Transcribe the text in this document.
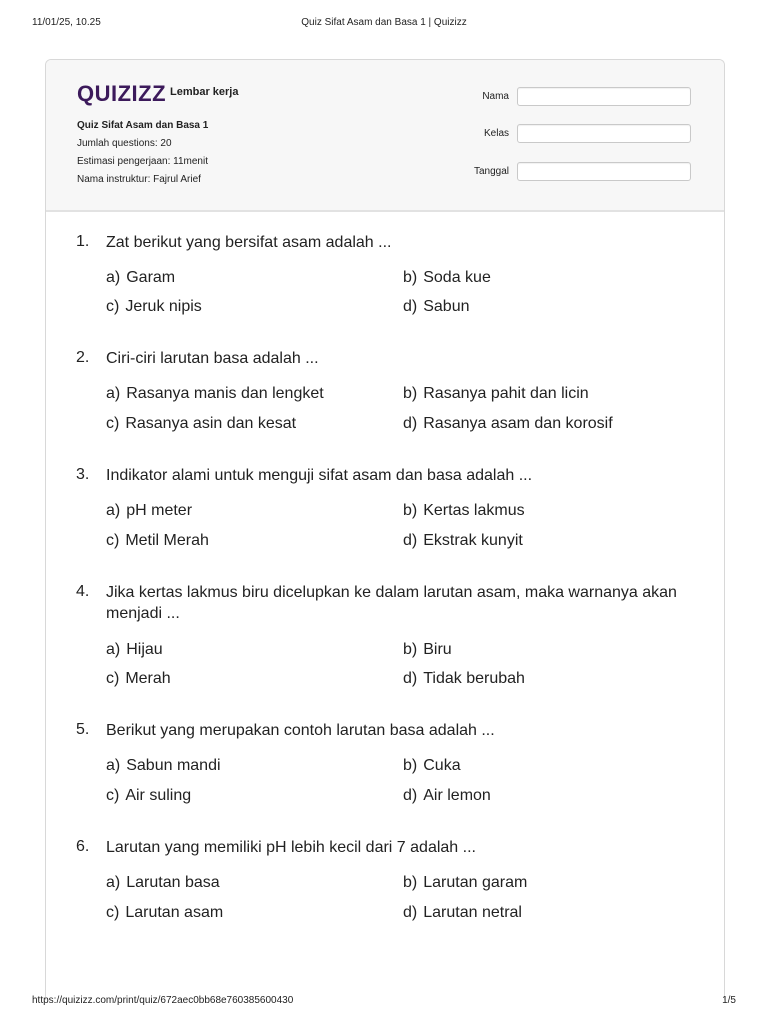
11/01/25, 10.25	Quiz Sifat Asam dan Basa 1 | Quizizz
QUIZIZZ Lembar kerja
Quiz Sifat Asam dan Basa 1
Jumlah questions: 20
Estimasi pengerjaan: 11menit
Nama instruktur: Fajrul Arief
Nama
Kelas
Tanggal
1.	Zat berikut yang bersifat asam adalah ...
a) Garam	b) Soda kue
c) Jeruk nipis	d) Sabun
2.	Ciri-ciri larutan basa adalah ...
a) Rasanya manis dan lengket	b) Rasanya pahit dan licin
c) Rasanya asin dan kesat	d) Rasanya asam dan korosif
3.	Indikator alami untuk menguji sifat asam dan basa adalah ...
a) pH meter	b) Kertas lakmus
c) Metil Merah	d) Ekstrak kunyit
4.	Jika kertas lakmus biru dicelupkan ke dalam larutan asam, maka warnanya akan menjadi ...
a) Hijau	b) Biru
c) Merah	d) Tidak berubah
5.	Berikut yang merupakan contoh larutan basa adalah ...
a) Sabun mandi	b) Cuka
c) Air suling	d) Air lemon
6.	Larutan yang memiliki pH lebih kecil dari 7 adalah ...
a) Larutan basa	b) Larutan garam
c) Larutan asam	d) Larutan netral
https://quizizz.com/print/quiz/672aec0bb68e760385600430	1/5
